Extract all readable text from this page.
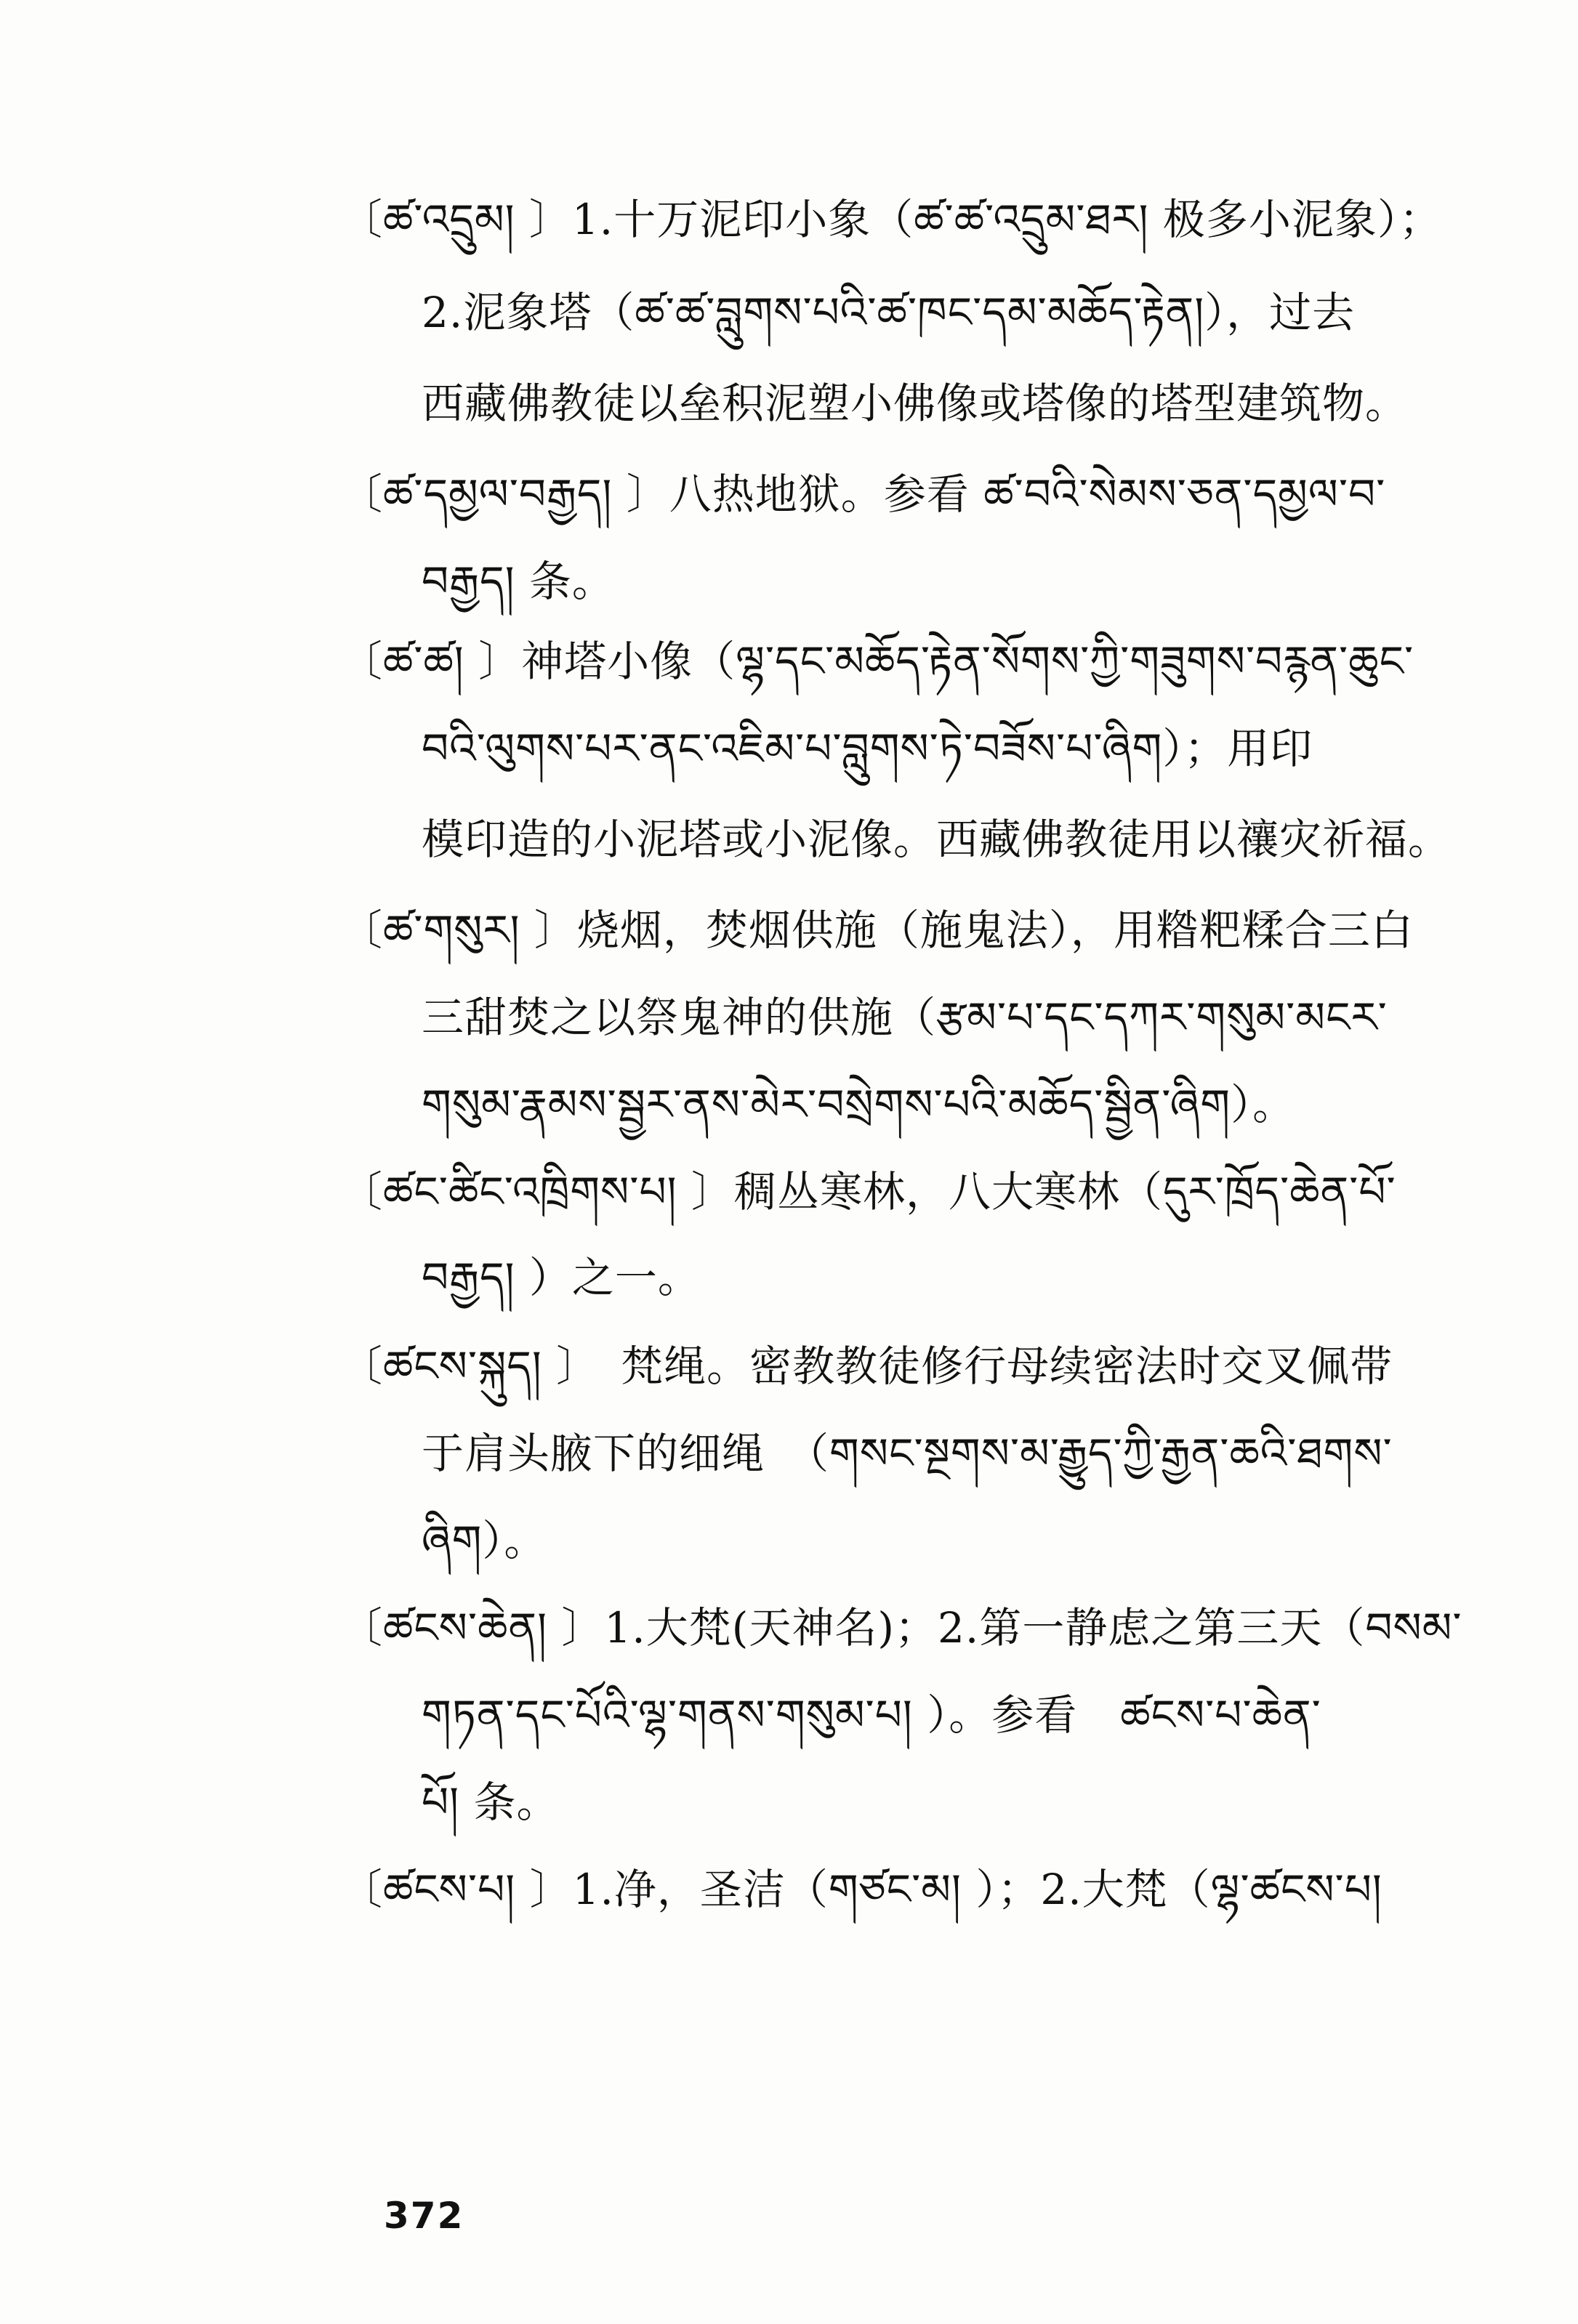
〔ཚ་འདྲུམ། 〕1.十万泥印小象（ཚ་ཚ་འདྲུམ་ཐར། 极多小泥象）；
2.泥象塔（ཚ་ཚ་བླུགས་པའི་ཚ་ཁང་དམ་མཆོད་རྟེན།），过去
西藏佛教徒以垒积泥塑小佛像或塔像的塔型建筑物。
〔ཚ་དམྱལ་བརྒྱད། 〕八热地狱。参看 ཚ་བའི་སེམས་ཅན་དམྱལ་བ་
བརྒྱད། 条。
〔ཚ་ཚ། 〕神塔小像（ལྷ་དང་མཆོད་རྟེན་སོགས་ཀྱི་གཟུགས་བརྙན་ཆུང་
བའི་ལུགས་པར་ནང་འཇིམ་པ་བླུགས་ཏེ་བཟོས་པ་ཞིག）；用印
模印造的小泥塔或小泥像。西藏佛教徒用以禳灾祈福。
〔ཚ་གསུར། 〕烧烟，焚烟供施（施鬼法），用糌粑糅合三白
三甜焚之以祭鬼神的供施（རྩམ་པ་དང་དཀར་གསུམ་མངར་
གསུམ་རྣམས་སྦྱར་ནས་མེར་བསྲེགས་པའི་མཆོད་སྦྱིན་ཞིག）。
〔ཚང་ཚིང་འཁྲིགས་པ། 〕稠丛寒林，八大寒林（དུར་ཁྲོད་ཆེན་པོ་
བརྒྱད། ）之一。
〔ཚངས་སྐུད། 〕　梵绳。密教教徒修行母续密法时交叉佩带
于肩头腋下的细绳　（གསང་སྔགས་མ་རྒྱུད་ཀྱི་རྒྱན་ཆའི་ཐགས་
ཞིག）。
〔ཚངས་ཆེན། 〕1.大梵(天神名)；2.第一静虑之第三天（བསམ་
གཏན་དང་པོའི་ལྷ་གནས་གསུམ་པ། ）。参看　ཚངས་པ་ཆེན་
པོ། 条。
〔ཚངས་པ། 〕1.净，圣洁（གཙང་མ། ）；2.大梵（ལྷ་ཚངས་པ།
372
